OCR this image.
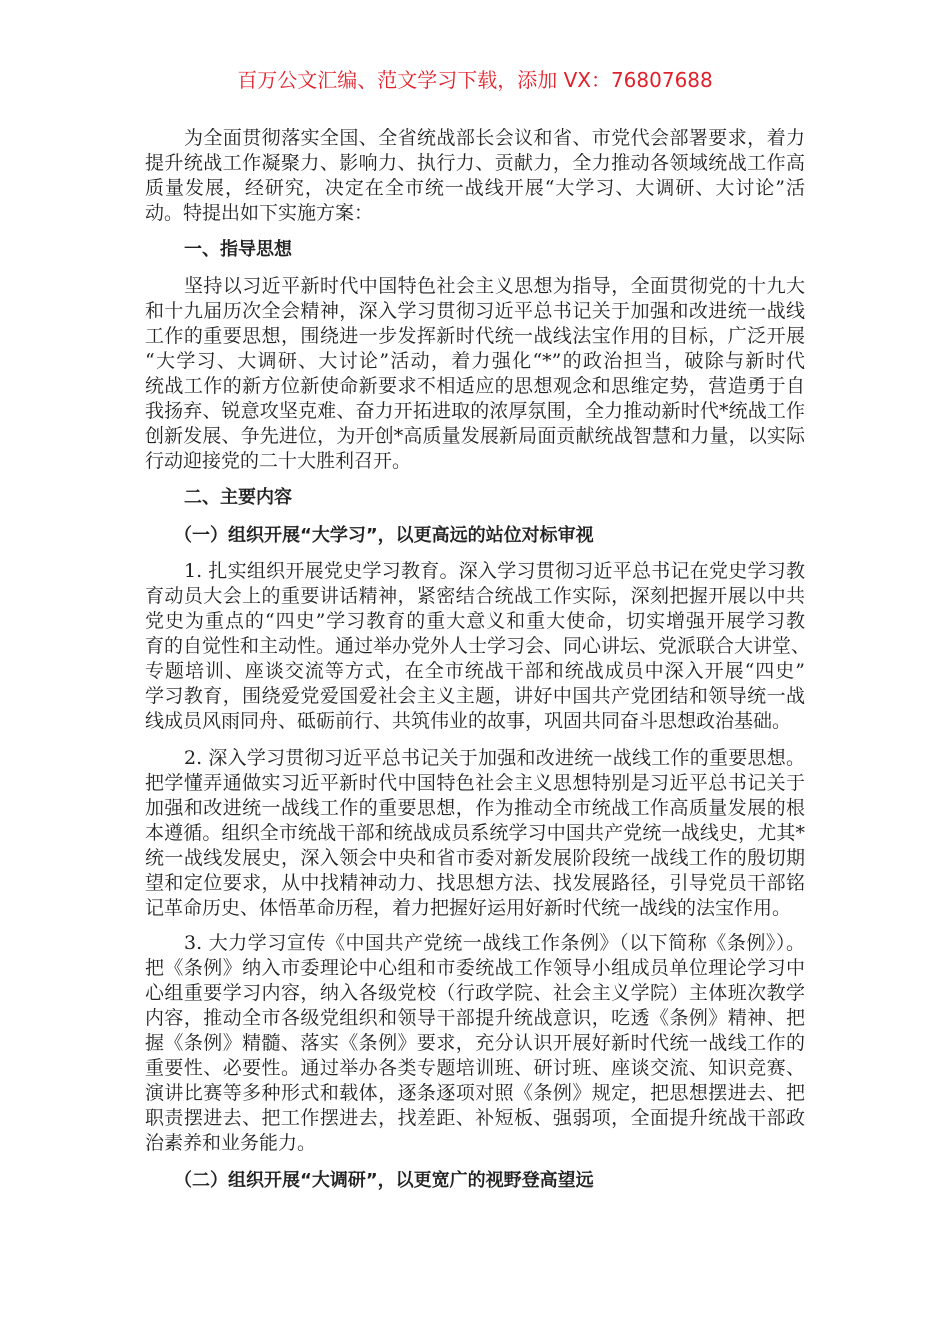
百万公文汇编、范文学习下载，添加 VX：76807688
为全面贯彻落实全国、全省统战部长会议和省、市党代会部署要求，着力
提升统战工作凝聚力、影响力、执行力、贡献力，全力推动各领域统战工作高
质量发展，经研究，决定在全市统一战线开展“大学习、大调研、大讨论”活
动。特提出如下实施方案：
一、指导思想
坚持以习近平新时代中国特色社会主义思想为指导，全面贯彻党的十九大
和十九届历次全会精神，深入学习贯彻习近平总书记关于加强和改进统一战线
工作的重要思想，围绕进一步发挥新时代统一战线法宝作用的目标，广泛开展
“大学习、大调研、大讨论”活动，着力强化“*”的政治担当，破除与新时代
统战工作的新方位新使命新要求不相适应的思想观念和思维定势，营造勇于自
我扬弃、锐意攻坚克难、奋力开拓进取的浓厚氛围，全力推动新时代*统战工作
创新发展、争先进位，为开创*高质量发展新局面贡献统战智慧和力量，以实际
行动迎接党的二十大胜利召开。
二、主要内容
（一）组织开展“大学习”，以更高远的站位对标审视
1. 扎实组织开展党史学习教育。深入学习贯彻习近平总书记在党史学习教
育动员大会上的重要讲话精神，紧密结合统战工作实际，深刻把握开展以中共
党史为重点的“四史”学习教育的重大意义和重大使命，切实增强开展学习教
育的自觉性和主动性。通过举办党外人士学习会、同心讲坛、党派联合大讲堂、
专题培训、座谈交流等方式，在全市统战干部和统战成员中深入开展“四史”
学习教育，围绕爱党爱国爱社会主义主题，讲好中国共产党团结和领导统一战
线成员风雨同舟、砥砺前行、共筑伟业的故事，巩固共同奋斗思想政治基础。
2. 深入学习贯彻习近平总书记关于加强和改进统一战线工作的重要思想。
把学懂弄通做实习近平新时代中国特色社会主义思想特别是习近平总书记关于
加强和改进统一战线工作的重要思想，作为推动全市统战工作高质量发展的根
本遵循。组织全市统战干部和统战成员系统学习中国共产党统一战线史，尤其*
统一战线发展史，深入领会中央和省市委对新发展阶段统一战线工作的殷切期
望和定位要求，从中找精神动力、找思想方法、找发展路径，引导党员干部铭
记革命历史、体悟革命历程，着力把握好运用好新时代统一战线的法宝作用。
3. 大力学习宣传《中国共产党统一战线工作条例》（以下简称《条例》）。
把《条例》纳入市委理论中心组和市委统战工作领导小组成员单位理论学习中
心组重要学习内容，纳入各级党校（行政学院、社会主义学院）主体班次教学
内容，推动全市各级党组织和领导干部提升统战意识，吃透《条例》精神、把
握《条例》精髓、落实《条例》要求，充分认识开展好新时代统一战线工作的
重要性、必要性。通过举办各类专题培训班、研讨班、座谈交流、知识竞赛、
演讲比赛等多种形式和载体，逐条逐项对照《条例》规定，把思想摆进去、把
职责摆进去、把工作摆进去，找差距、补短板、强弱项，全面提升统战干部政
治素养和业务能力。
（二）组织开展“大调研”，以更宽广的视野登高望远
